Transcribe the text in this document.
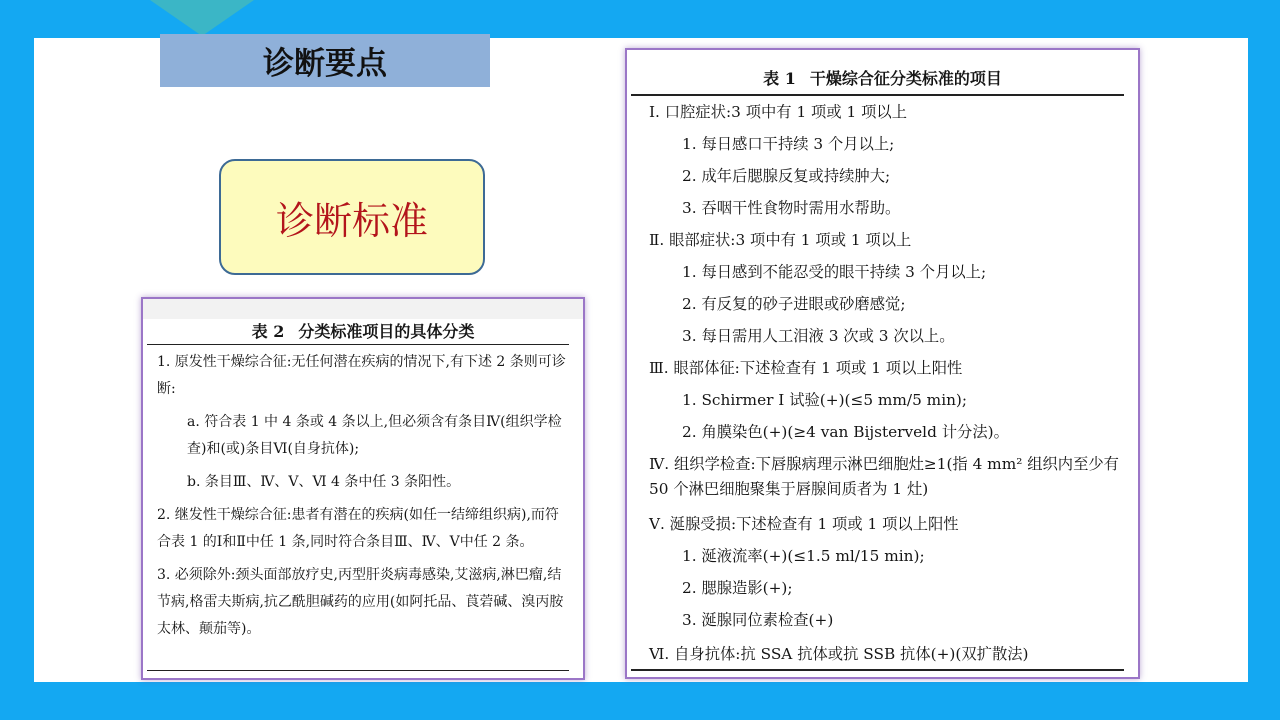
诊断要点
诊断标准
表 1 干燥综合征分类标准的项目
Ⅰ. 口腔症状:3 项中有 1 项或 1 项以上
1. 每日感口干持续 3 个月以上;
2. 成年后腮腺反复或持续肿大;
3. 吞咽干性食物时需用水帮助。
Ⅱ. 眼部症状:3 项中有 1 项或 1 项以上
1. 每日感到不能忍受的眼干持续 3 个月以上;
2. 有反复的砂子进眼或砂磨感觉;
3. 每日需用人工泪液 3 次或 3 次以上。
Ⅲ. 眼部体征:下述检查有 1 项或 1 项以上阳性
1. Schirmer Ⅰ 试验(+)(≤5 mm/5 min);
2. 角膜染色(+)(≥4 van Bijsterveld 计分法)。
Ⅳ. 组织学检查:下唇腺病理示淋巴细胞灶≥1(指 4 mm² 组织内至少有 50 个淋巴细胞聚集于唇腺间质者为 1 灶)
Ⅴ. 涎腺受损:下述检查有 1 项或 1 项以上阳性
1. 涎液流率(+)(≤1.5 ml/15 min);
2. 腮腺造影(+);
3. 涎腺同位素检查(+)
Ⅵ. 自身抗体:抗 SSA 抗体或抗 SSB 抗体(+)(双扩散法)
表 2 分类标准项目的具体分类

1. 原发性干燥综合征:无任何潜在疾病的情况下,有下述 2 条则可诊断:

a. 符合表 1 中 4 条或 4 条以上,但必须含有条目Ⅳ(组织学检查)和(或)条目Ⅵ(自身抗体);

b. 条目Ⅲ、Ⅳ、Ⅴ、Ⅵ 4 条中任 3 条阳性。

2. 继发性干燥综合征:患者有潜在的疾病(如任一结缔组织病),而符合表 1 的Ⅰ和Ⅱ中任 1 条,同时符合条目Ⅲ、Ⅳ、Ⅴ中任 2 条。

3. 必须除外:颈头面部放疗史,丙型肝炎病毒感染,艾滋病,淋巴瘤,结节病,格雷夫斯病,抗乙酰胆碱药的应用(如阿托品、莨菪碱、溴丙胺太林、颠茄等)。
